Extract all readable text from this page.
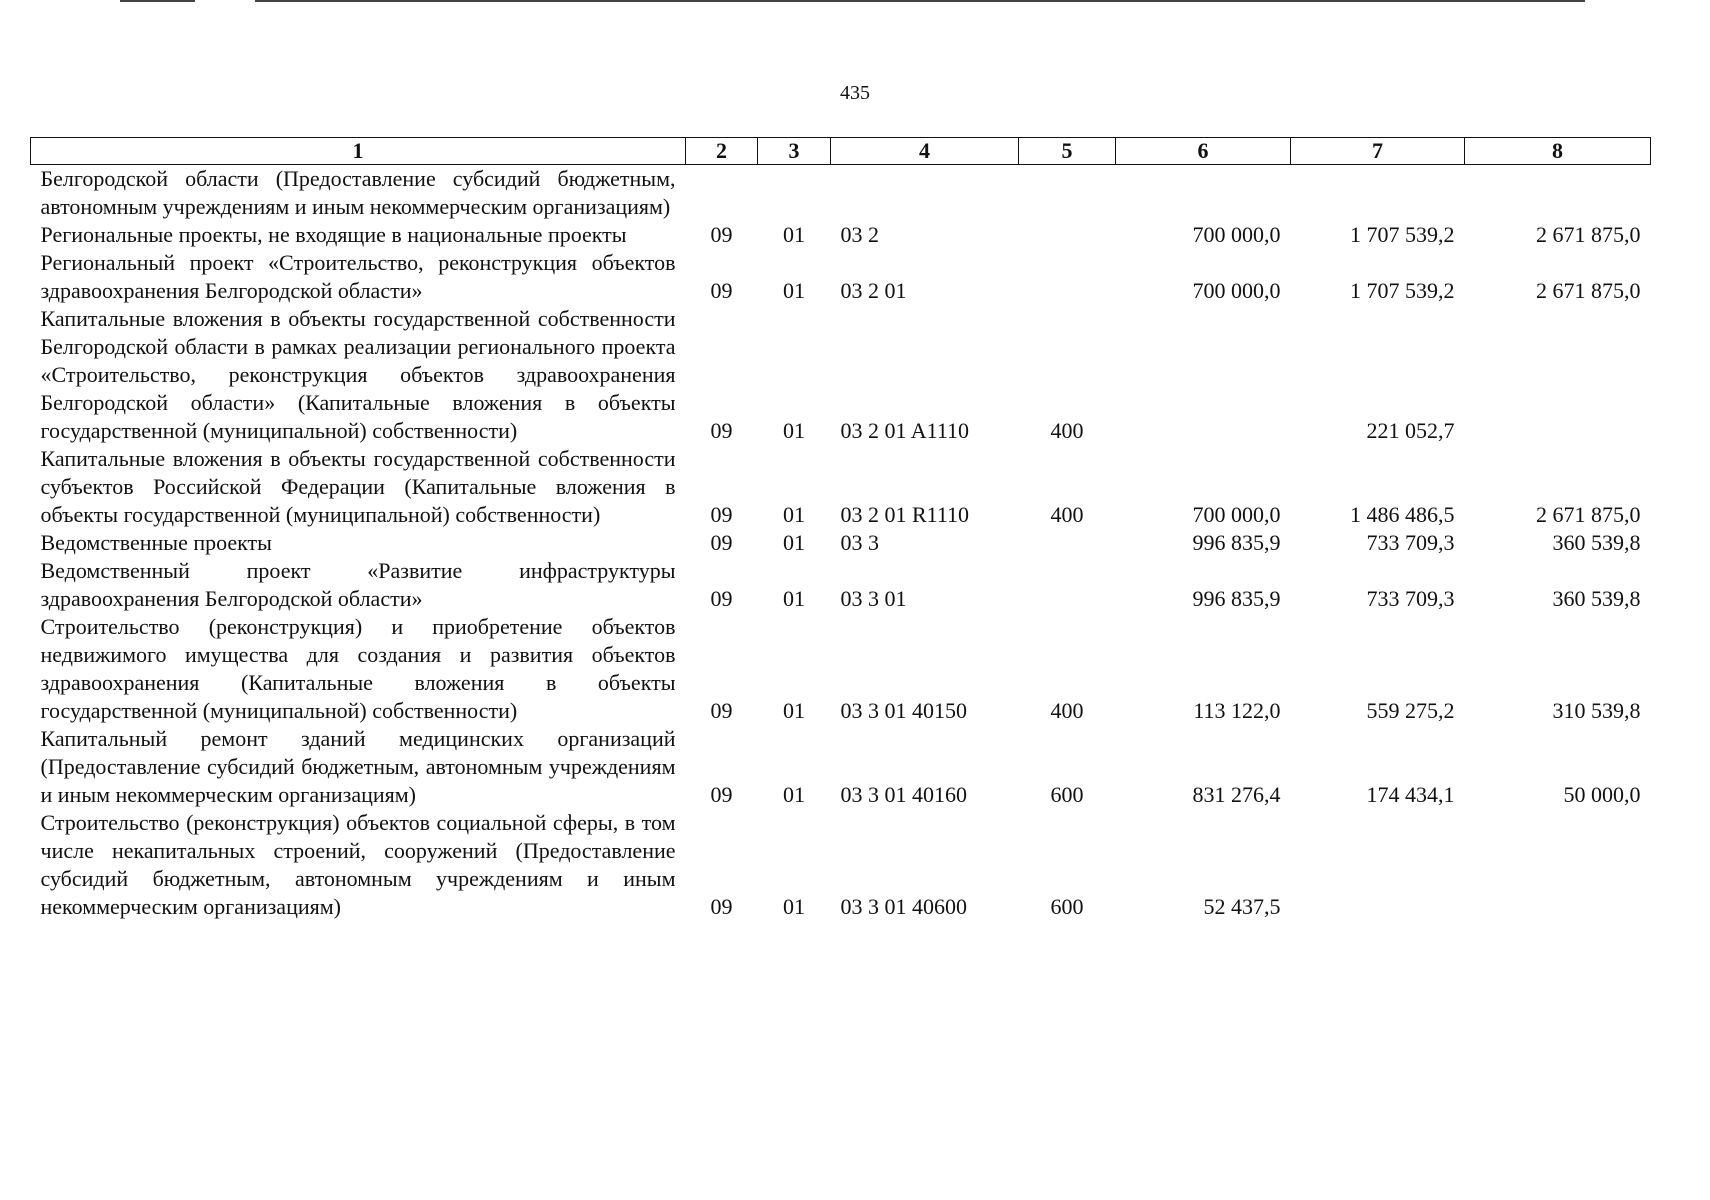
435
1	2	3	4	5	6	7	8
Белгородской области (Предоставление субсидий бюджетным, автономным учреждениям и иным некоммерческим организациям)							
Региональные проекты, не входящие в национальные проекты	09	01	03 2		700 000,0	1 707 539,2	2 671 875,0
Региональный проект «Строительство, реконструкция объектов здравоохранения Белгородской области»	09	01	03 2 01		700 000,0	1 707 539,2	2 671 875,0
Капитальные вложения в объекты государственной собственности Белгородской области в рамках реализации регионального проекта «Строительство, реконструкция объектов здравоохранения Белгородской области» (Капитальные вложения в объекты государственной (муниципальной) собственности)	09	01	03 2 01 A1110	400		221 052,7	
Капитальные вложения в объекты государственной собственности субъектов Российской Федерации (Капитальные вложения в объекты государственной (муниципальной) собственности)	09	01	03 2 01 R1110	400	700 000,0	1 486 486,5	2 671 875,0
Ведомственные проекты	09	01	03 3		996 835,9	733 709,3	360 539,8
Ведомственный проект «Развитие инфраструктуры здравоохранения Белгородской области»	09	01	03 3 01		996 835,9	733 709,3	360 539,8
Строительство (реконструкция) и приобретение объектов недвижимого имущества для создания и развития объектов здравоохранения (Капитальные вложения в объекты государственной (муниципальной) собственности)	09	01	03 3 01 40150	400	113 122,0	559 275,2	310 539,8
Капитальный ремонт зданий медицинских организаций (Предоставление субсидий бюджетным, автономным учреждениям и иным некоммерческим организациям)	09	01	03 3 01 40160	600	831 276,4	174 434,1	50 000,0
Строительство (реконструкция) объектов социальной сферы, в том числе некапитальных строений, сооружений (Предоставление субсидий бюджетным, автономным учреждениям и иным некоммерческим организациям)	09	01	03 3 01 40600	600	52 437,5		
